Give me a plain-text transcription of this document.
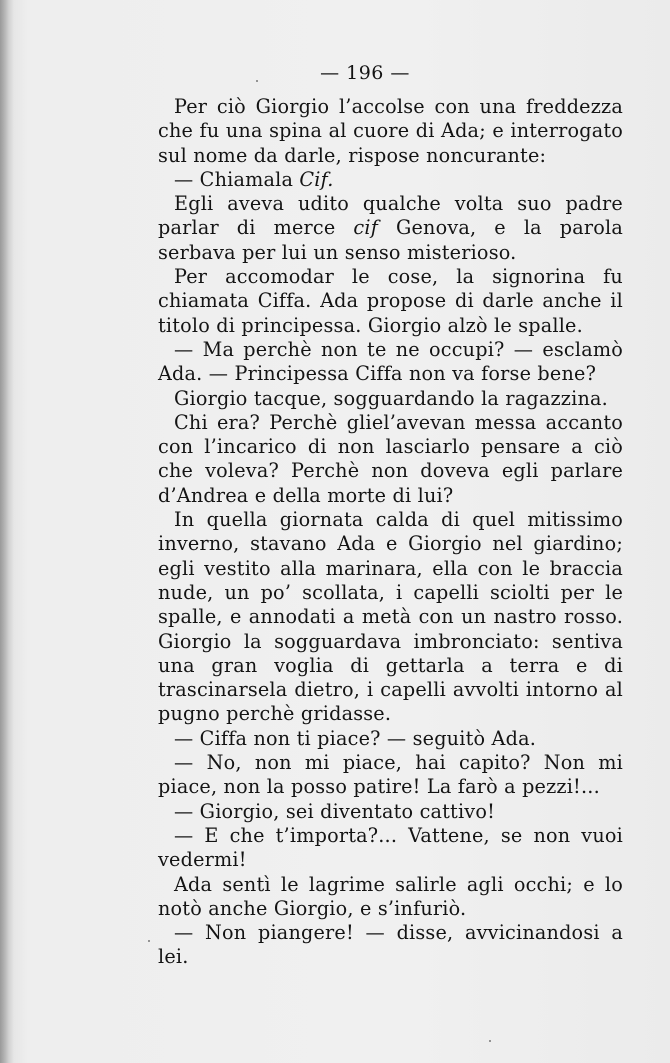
— 196 —

Per ciò Giorgio l’accolse con una freddezza che fu una spina al cuore di Ada; e interrogato sul nome da darle, rispose noncurante:

— Chiamala Cif.

Egli aveva udito qualche volta suo padre parlar di merce cif Genova, e la parola serbava per lui un senso misterioso.

Per accomodar le cose, la signorina fu chiamata Ciffa. Ada propose di darle anche il titolo di principessa. Giorgio alzò le spalle.

— Ma perchè non te ne occupi? — esclamò Ada. — Principessa Ciffa non va forse bene?

Giorgio tacque, sogguardando la ragazzina.

Chi era? Perchè gliel’avevan messa accanto con l’incarico di non lasciarlo pensare a ciò che voleva? Perchè non doveva egli parlare d’Andrea e della morte di lui?

In quella giornata calda di quel mitissimo inverno, stavano Ada e Giorgio nel giardino; egli vestito alla marinara, ella con le braccia nude, un po’ scollata, i capelli sciolti per le spalle, e annodati a metà con un nastro rosso. Giorgio la sogguardava imbronciato: sentiva una gran voglia di gettarla a terra e di trascinarsela dietro, i capelli avvolti intorno al pugno perchè gridasse.

— Ciffa non ti piace? — seguitò Ada.

— No, non mi piace, hai capito? Non mi piace, non la posso patire! La farò a pezzi!...

— Giorgio, sei diventato cattivo!

— E che t’importa?... Vattene, se non vuoi vedermi!

Ada sentì le lagrime salirle agli occhi; e lo notò anche Giorgio, e s’infuriò.

— Non piangere! — disse, avvicinandosi a lei.
